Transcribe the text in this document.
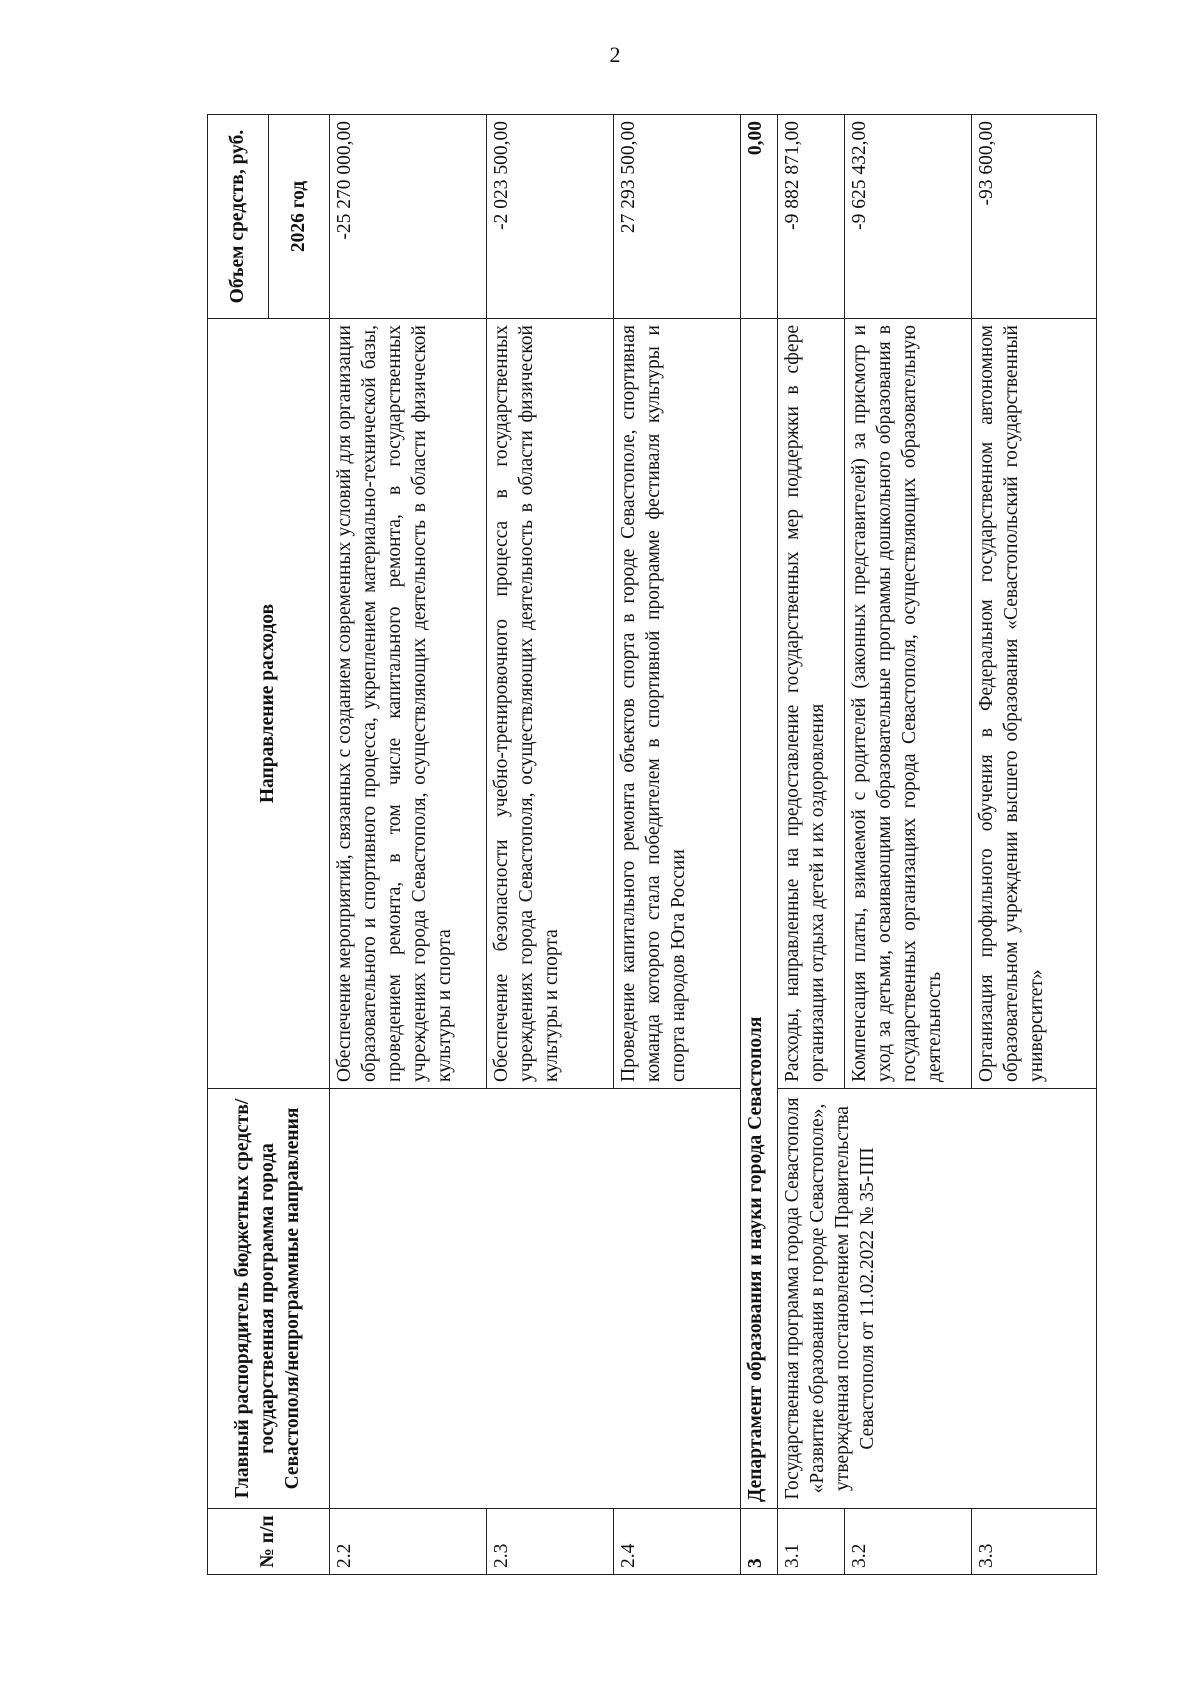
2
№ п/п	Главный распорядитель бюджетных средств/государственная программа города Севастополя/непрограммные направления	Направление расходов	Объем средств, руб.
			2026 год
2.2		Обеспечение мероприятий, связанных с созданием современных условий для организации образовательного и спортивного процесса, укреплением материально-технической базы, проведением ремонта, в том числе капитального ремонта, в государственных учреждениях города Севастополя, осуществляющих деятельность в области физической культуры и спорта	-25 270 000,00
2.3		Обеспечение безопасности учебно-тренировочного процесса в государственных учреждениях города Севастополя, осуществляющих деятельность в области физической культуры и спорта	-2 023 500,00
2.4		Проведение капитального ремонта объектов спорта в городе Севастополе, спортивная команда которого стала победителем в спортивной программе фестиваля культуры и спорта народов Юга России	27 293 500,00
3	Департамент образования и науки города Севастополя		0,00
3.1	Государственная программа города Севастополя «Развитие образования в городе Севастополе», утвержденная постановлением Правительства Севастополя от 11.02.2022 № 35-ПП	Расходы, направленные на предоставление государственных мер поддержки в сфере организации отдыха детей и их оздоровления	-9 882 871,00
3.2		Компенсация платы, взимаемой с родителей (законных представителей) за присмотр и уход за детьми, осваивающими образовательные программы дошкольного образования в государственных организациях города Севастополя, осуществляющих образовательную деятельность	-9 625 432,00
3.3		Организация профильного обучения в Федеральном государственном автономном образовательном учреждении высшего образования «Севастопольский государственный университет»	-93 600,00
